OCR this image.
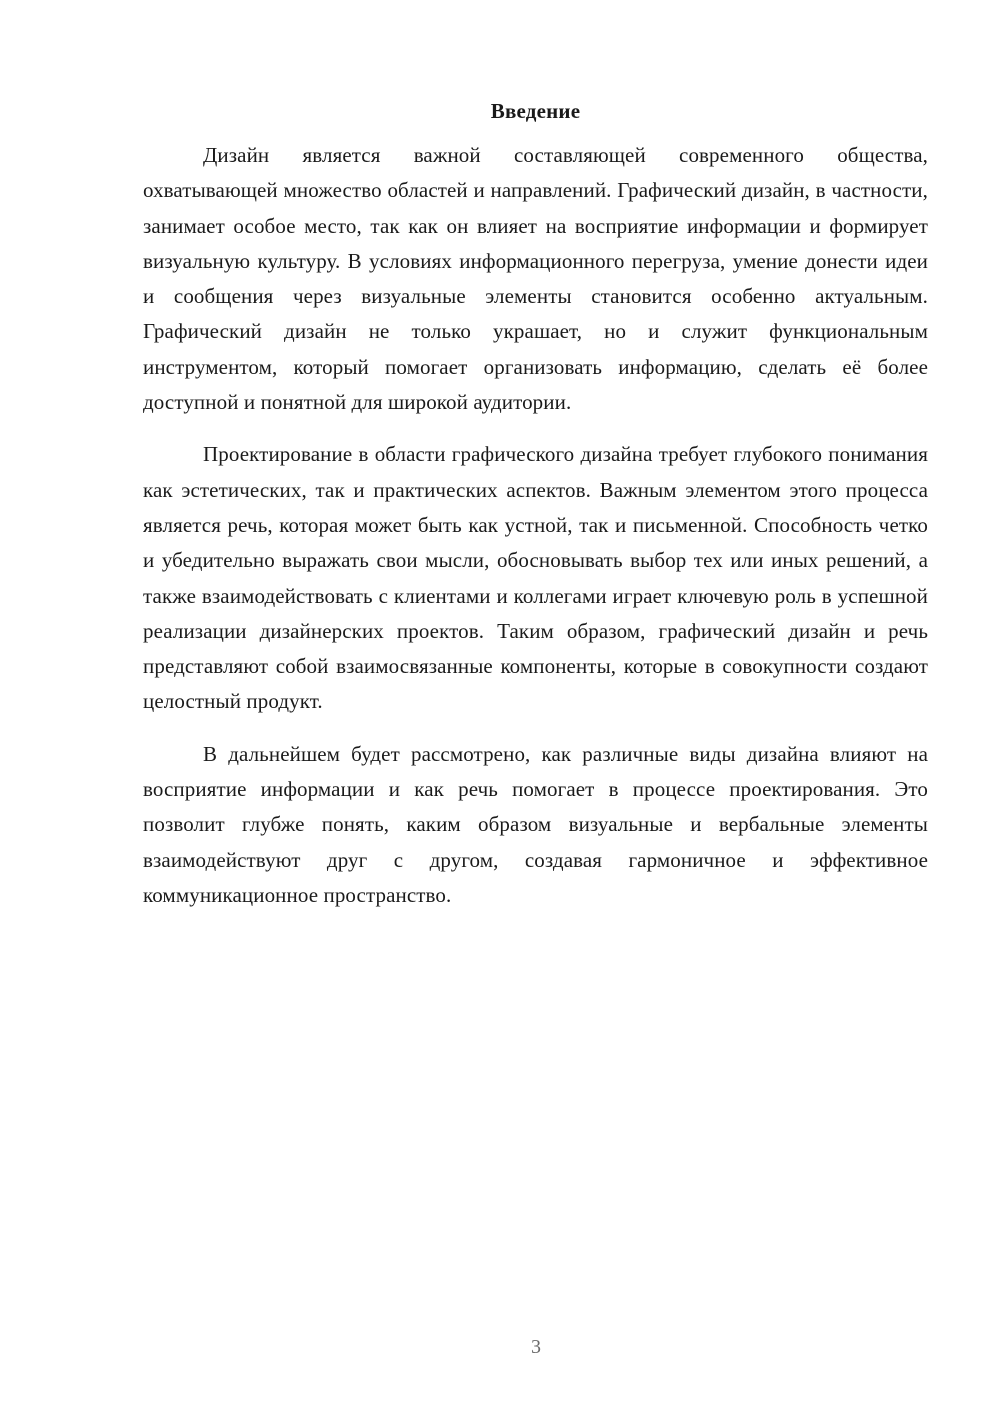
Введение

Дизайн является важной составляющей современного общества, охватывающей множество областей и направлений. Графический дизайн, в частности, занимает особое место, так как он влияет на восприятие информации и формирует визуальную культуру. В условиях информационного перегруза, умение донести идеи и сообщения через визуальные элементы становится особенно актуальным. Графический дизайн не только украшает, но и служит функциональным инструментом, который помогает организовать информацию, сделать её более доступной и понятной для широкой аудитории.

Проектирование в области графического дизайна требует глубокого понимания как эстетических, так и практических аспектов. Важным элементом этого процесса является речь, которая может быть как устной, так и письменной. Способность четко и убедительно выражать свои мысли, обосновывать выбор тех или иных решений, а также взаимодействовать с клиентами и коллегами играет ключевую роль в успешной реализации дизайнерских проектов. Таким образом, графический дизайн и речь представляют собой взаимосвязанные компоненты, которые в совокупности создают целостный продукт.

В дальнейшем будет рассмотрено, как различные виды дизайна влияют на восприятие информации и как речь помогает в процессе проектирования. Это позволит глубже понять, каким образом визуальные и вербальные элементы взаимодействуют друг с другом, создавая гармоничное и эффективное коммуникационное пространство.

3
